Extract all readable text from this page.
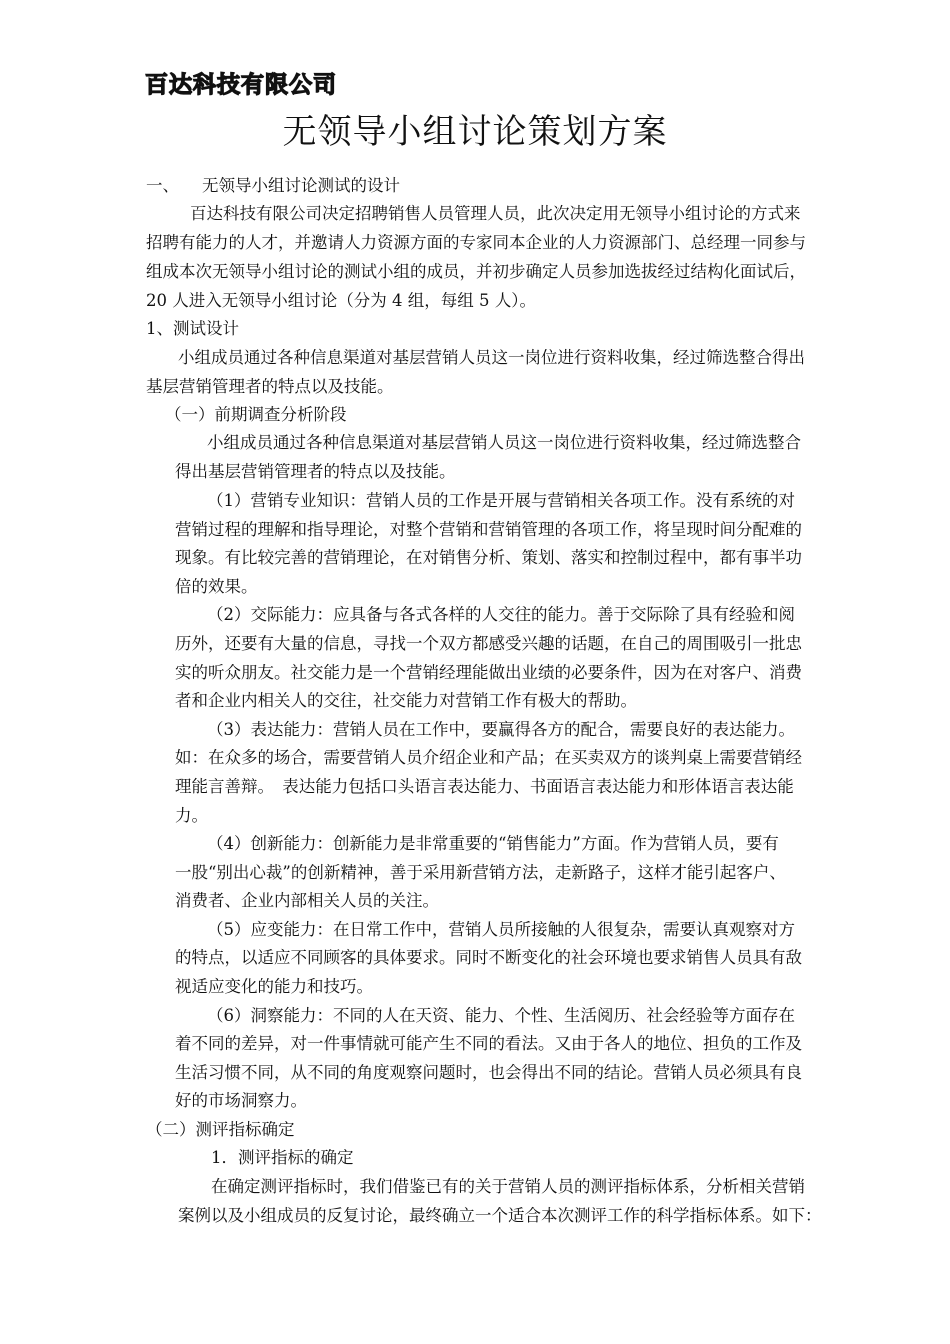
百达科技有限公司
无领导小组讨论策划方案
一、 无领导小组讨论测试的设计
百达科技有限公司决定招聘销售人员管理人员，此次决定用无领导小组讨论的方式来
招聘有能力的人才，并邀请人力资源方面的专家同本企业的人力资源部门、总经理一同参与
组成本次无领导小组讨论的测试小组的成员，并初步确定人员参加选拔经过结构化面试后，
20 人进入无领导小组讨论（分为 4 组，每组 5 人）。
1、测试设计
小组成员通过各种信息渠道对基层营销人员这一岗位进行资料收集，经过筛选整合得出
基层营销管理者的特点以及技能。
（一）前期调查分析阶段
小组成员通过各种信息渠道对基层营销人员这一岗位进行资料收集，经过筛选整合
得出基层营销管理者的特点以及技能。
（1）营销专业知识：营销人员的工作是开展与营销相关各项工作。没有系统的对
营销过程的理解和指导理论，对整个营销和营销管理的各项工作，将呈现时间分配难的
现象。有比较完善的营销理论，在对销售分析、策划、落实和控制过程中，都有事半功
倍的效果。
（2）交际能力：应具备与各式各样的人交往的能力。善于交际除了具有经验和阅
历外，还要有大量的信息，寻找一个双方都感受兴趣的话题，在自己的周围吸引一批忠
实的听众朋友。社交能力是一个营销经理能做出业绩的必要条件，因为在对客户、消费
者和企业内相关人的交往，社交能力对营销工作有极大的帮助。
（3）表达能力：营销人员在工作中，要赢得各方的配合，需要良好的表达能力。
如：在众多的场合，需要营销人员介绍企业和产品；在买卖双方的谈判桌上需要营销经
理能言善辩。　表达能力包括口头语言表达能力、书面语言表达能力和形体语言表达能
力。
（4）创新能力：创新能力是非常重要的“销售能力”方面。作为营销人员，要有
一股“别出心裁”的创新精神，善于采用新营销方法，走新路子，这样才能引起客户、
消费者、企业内部相关人员的关注。
（5）应变能力：在日常工作中，营销人员所接触的人很复杂，需要认真观察对方
的特点，以适应不同顾客的具体要求。同时不断变化的社会环境也要求销售人员具有敌
视适应变化的能力和技巧。
（6）洞察能力：不同的人在天资、能力、个性、生活阅历、社会经验等方面存在
着不同的差异，对一件事情就可能产生不同的看法。又由于各人的地位、担负的工作及
生活习惯不同，从不同的角度观察问题时，也会得出不同的结论。营销人员必须具有良
好的市场洞察力。
（二）测评指标确定
1．测评指标的确定
在确定测评指标时，我们借鉴已有的关于营销人员的测评指标体系，分析相关营销
案例以及小组成员的反复讨论，最终确立一个适合本次测评工作的科学指标体系。如下：
